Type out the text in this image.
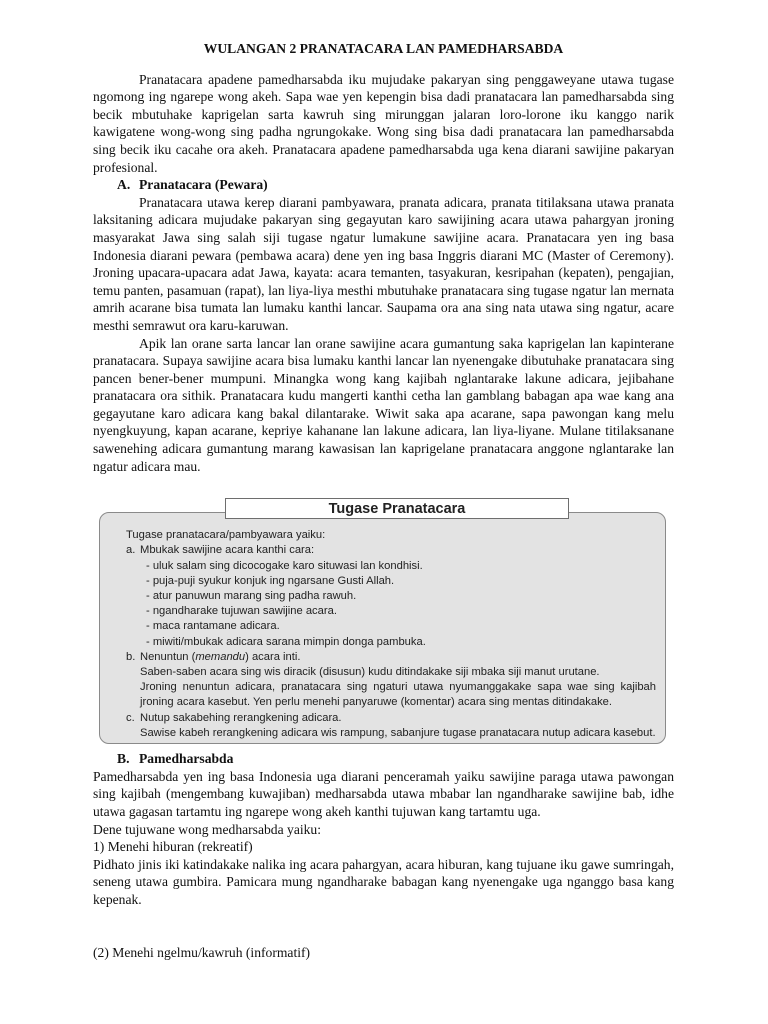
WULANGAN 2 PRANATACARA LAN PAMEDHARSABDA

Pranatacara apadene pamedharsabda iku mujudake pakaryan sing penggaweyane utawa tugase ngomong ing ngarepe wong akeh. Sapa wae yen kepengin bisa dadi pranatacara lan pamedharsabda sing becik mbutuhake kaprigelan sarta kawruh sing mirunggan jalaran loro-lorone iku kanggo narik kawigatene wong-wong sing padha ngrungokake. Wong sing bisa dadi pranatacara lan pamedharsabda sing becik iku cacahe ora akeh. Pranatacara apadene pamedharsabda uga kena diarani sawijine pakaryan profesional.

A. Pranatacara (Pewara)

Pranatacara utawa kerep diarani pambyawara, pranata adicara, pranata titilaksana utawa pranata laksitaning adicara mujudake pakaryan sing gegayutan karo sawijining acara utawa pahargyan jroning masyarakat Jawa sing salah siji tugase ngatur lumakune sawijine acara. Pranatacara yen ing basa Indonesia diarani pewara (pembawa acara) dene yen ing basa Inggris diarani MC (Master of Ceremony). Jroning upacara-upacara adat Jawa, kayata: acara temanten, tasyakuran, kesripahan (kepaten), pengajian, temu panten, pasamuan (rapat), lan liya-liya mesthi mbutuhake pranatacara sing tugase ngatur lan mernata amrih acarane bisa tumata lan lumaku kanthi lancar. Saupama ora ana sing nata utawa sing ngatur, acare mesthi semrawut ora karu-karuwan.

Apik lan orane sarta lancar lan orane sawijine acara gumantung saka kaprigelan lan kapinterane pranatacara. Supaya sawijine acara bisa lumaku kanthi lancar lan nyenengake dibutuhake pranatacara sing pancen bener-bener mumpuni. Minangka wong kang kajibah nglantarake lakune adicara, jejibahane pranatacara ora sithik. Pranatacara kudu mangerti kanthi cetha lan gamblang babagan apa wae kang ana gegayutane karo adicara kang bakal dilantarake. Wiwit saka apa acarane, sapa pawongan kang melu nyengkuyung, kapan acarane, kepriye kahanane lan lakune adicara, lan liya-liyane. Mulane titilaksanane sawenehing adicara gumantung marang kawasisan lan kaprigelane pranatacara anggone nglantarake lan ngatur adicara mau.

Tugase Pranatacara
Tugase pranatacara/pambyawara yaiku:
a. Mbukak sawijine acara kanthi cara:
- uluk salam sing dicocogake karo situwasi lan kondhisi.
- puja-puji syukur konjuk ing ngarsane Gusti Allah.
- atur panuwun marang sing padha rawuh.
- ngandharake tujuwan sawijine acara.
- maca rantamane adicara.
- miwiti/mbukak adicara sarana mimpin donga pambuka.
b. Nenuntun (memandu) acara inti.
Saben-saben acara sing wis diracik (disusun) kudu ditindakake siji mbaka siji manut urutane.
Jroning nenuntun adicara, pranatacara sing ngaturi utawa nyumanggakake sapa wae sing kajibah jroning acara kasebut. Yen perlu menehi panyaruwe (komentar) acara sing mentas ditindakake.
c. Nutup sakabehing rerangkening adicara.
Sawise kabeh rerangkening adicara wis rampung, sabanjure tugase pranatacara nutup adicara kasebut.
B. Pamedharsabda

Pamedharsabda yen ing basa Indonesia uga diarani penceramah yaiku sawijine paraga utawa pawongan sing kajibah (mengembang kuwajiban) medharsabda utawa mbabar lan ngandharake sawijine bab, idhe utawa gagasan tartamtu ing ngarepe wong akeh kanthi tujuwan kang tartamtu uga.

Dene tujuwane wong medharsabda yaiku:

1) Menehi hiburan (rekreatif)

Pidhato jinis iki katindakake nalika ing acara pahargyan, acara hiburan, kang tujuane iku gawe sumringah, seneng utawa gumbira. Pamicara mung ngandharake babagan kang nyenengake uga nganggo basa kang kepenak.

(2) Menehi ngelmu/kawruh (informatif)
